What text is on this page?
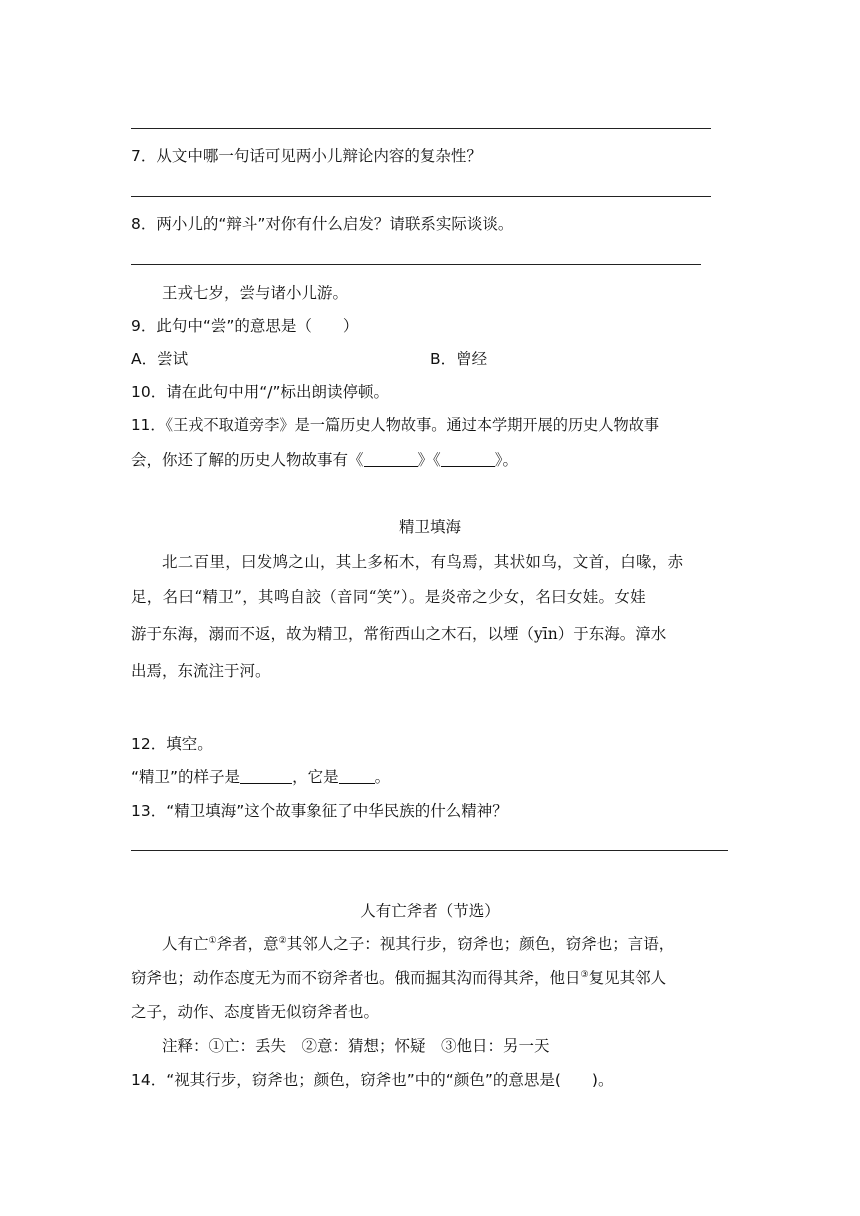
7．从文中哪一句话可见两小儿辩论内容的复杂性？
8．两小儿的“辩斗”对你有什么启发？请联系实际谈谈。
王戎七岁，尝与诸小儿游。
9．此句中“尝”的意思是（　　）
A．尝试	B．曾经
10．请在此句中用“/”标出朗读停顿。
11．《王戎不取道旁李》是一篇历史人物故事。通过本学期开展的历史人物故事
会，你还了解的历史人物故事有《	》《	》。
精卫填海
北二百里，曰发鸠之山，其上多柘木，有鸟焉，其状如乌，文首，白喙，赤
足，名曰“精卫”，其鸣自詨（音同“笑”）。是炎帝之少女，名曰女娃。女娃
游于东海，溺而不返，故为精卫，常衔西山之木石，以堙（yīn）于东海。漳水
出焉，东流注于河。
12．填空。
“精卫”的样子是	，它是 。
13．“精卫填海”这个故事象征了中华民族的什么精神？
人有亡斧者（节选）
人有亡①斧者，意②其邻人之子：视其行步，窃斧也；颜色，窃斧也；言语，
窃斧也；动作态度无为而不窃斧者也。俄而掘其沟而得其斧，他日③复见其邻人
之子，动作、态度皆无似窃斧者也。
注释：①亡：丢失　②意：猜想；怀疑　③他日：另一天
14．“视其行步，窃斧也；颜色，窃斧也”中的“颜色”的意思是(　　)。
